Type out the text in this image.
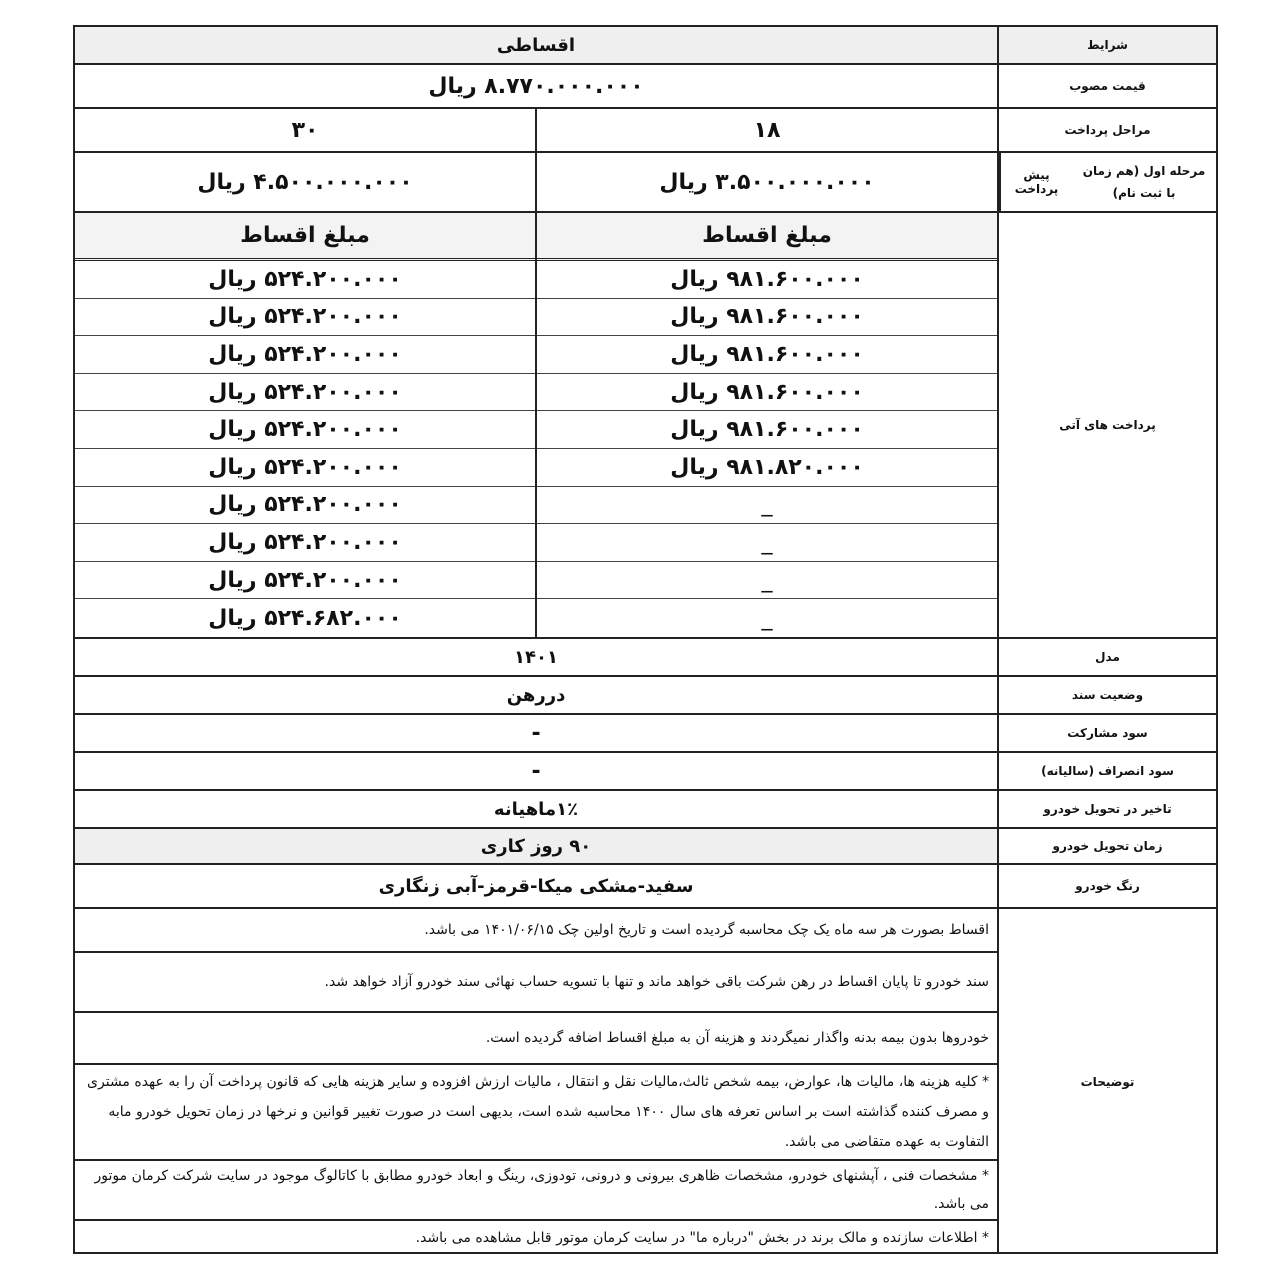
شرایط
اقساطی
قیمت مصوب
۸.۷۷۰.۰۰۰.۰۰۰ ریال
مراحل پرداخت
۱۸
۳۰
پیش پرداخت
مرحله اول (هم زمان با ثبت نام)
۳.۵۰۰.۰۰۰.۰۰۰ ریال
۴.۵۰۰.۰۰۰.۰۰۰ ریال
پرداخت های آتی
مبلغ اقساط
۹۸۱.۶۰۰.۰۰۰ ریال
۹۸۱.۶۰۰.۰۰۰ ریال
۹۸۱.۶۰۰.۰۰۰ ریال
۹۸۱.۶۰۰.۰۰۰ ریال
۹۸۱.۶۰۰.۰۰۰ ریال
۹۸۱.۸۲۰.۰۰۰ ریال
_
_
_
_
مبلغ اقساط
۵۲۴.۲۰۰.۰۰۰ ریال
۵۲۴.۲۰۰.۰۰۰ ریال
۵۲۴.۲۰۰.۰۰۰ ریال
۵۲۴.۲۰۰.۰۰۰ ریال
۵۲۴.۲۰۰.۰۰۰ ریال
۵۲۴.۲۰۰.۰۰۰ ریال
۵۲۴.۲۰۰.۰۰۰ ریال
۵۲۴.۲۰۰.۰۰۰ ریال
۵۲۴.۲۰۰.۰۰۰ ریال
۵۲۴.۶۸۲.۰۰۰ ریال
مدل
۱۴۰۱
وضعیت سند
دررهن
سود مشارکت
-
سود انصراف (سالیانه)
-
تاخیر در تحویل خودرو
۱٪ماهیانه
زمان تحویل خودرو
۹۰ روز کاری
رنگ خودرو
سفید-مشکی میکا-قرمز-آبی زنگاری
توضیحات
اقساط بصورت هر سه ماه یک چک محاسبه گردیده است و تاریخ اولین چک ۱۴۰۱/۰۶/۱۵ می باشد.
سند خودرو تا پایان اقساط در رهن شرکت باقی خواهد ماند و تنها با تسویه حساب نهائی سند خودرو آزاد خواهد شد.
خودروها بدون بیمه بدنه واگذار نمیگردند و هزینه آن به مبلغ اقساط اضافه گردیده است.
* کلیه هزینه ها، مالیات ها، عوارض، بیمه شخص ثالث،مالیات نقل و انتقال ، مالیات ارزش افزوده و سایر هزینه هایی که قانون پرداخت آن را به عهده مشتری و مصرف کننده گذاشته است بر اساس تعرفه های سال ۱۴۰۰ محاسبه شده است، بدیهی است در صورت تغییر قوانین و نرخها در زمان تحویل خودرو مابه التفاوت به عهده متقاضی می باشد.
* مشخصات فنی ، آپشنهای خودرو، مشخصات ظاهری بیرونی و درونی، تودوزی، رینگ و ابعاد خودرو مطابق با کاتالوگ موجود در سایت شرکت کرمان موتور می باشد.
* اطلاعات سازنده و مالک برند در بخش "درباره ما" در سایت کرمان موتور قابل مشاهده می باشد.
